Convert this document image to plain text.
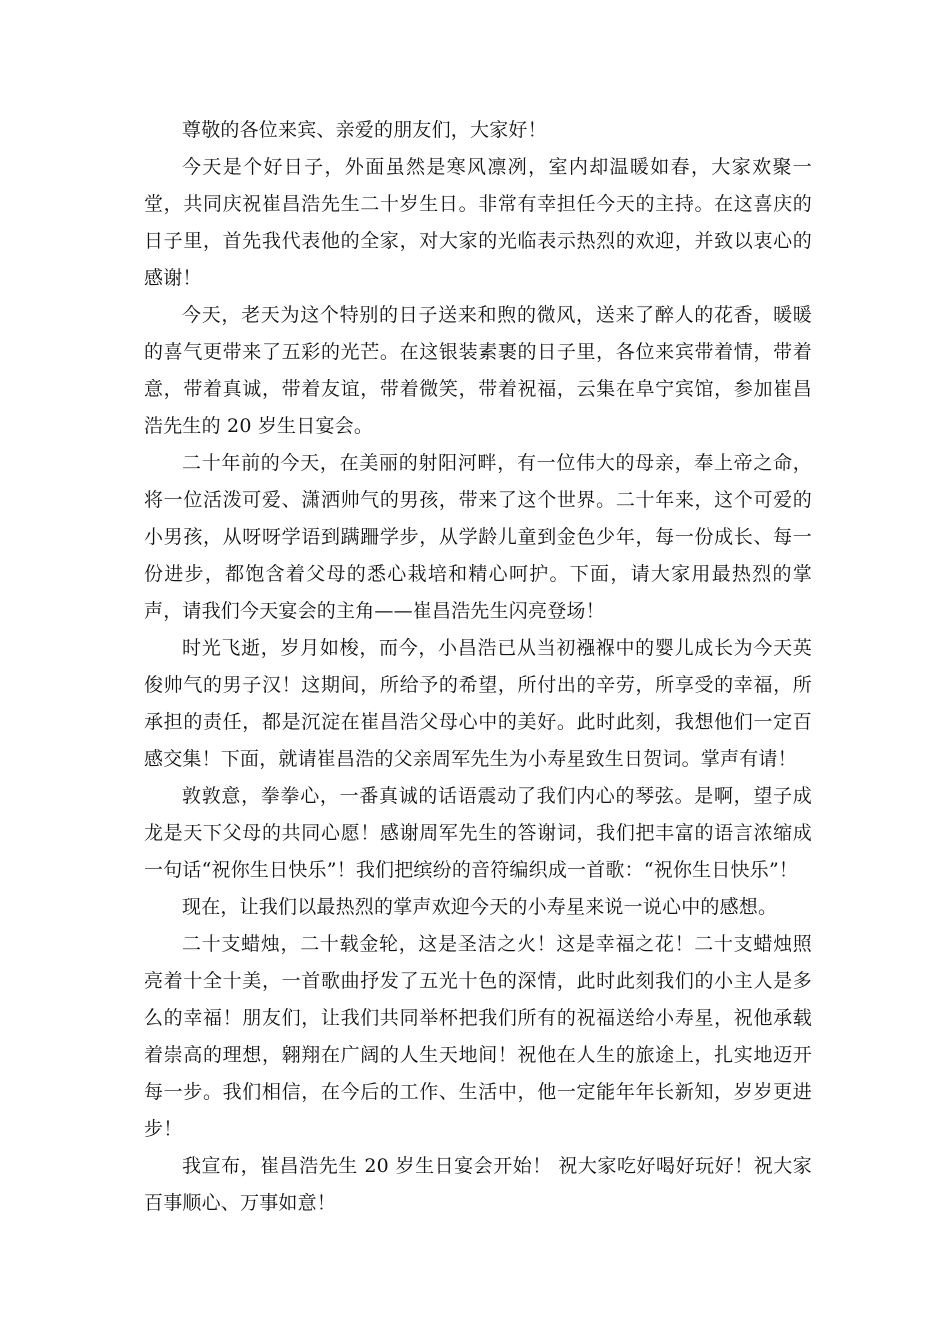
尊敬的各位来宾、亲爱的朋友们，大家好！

今天是个好日子，外面虽然是寒风凛冽，室内却温暖如春，大家欢聚一堂，共同庆祝崔昌浩先生二十岁生日。非常有幸担任今天的主持。在这喜庆的日子里，首先我代表他的全家，对大家的光临表示热烈的欢迎，并致以衷心的感谢！

今天，老天为这个特别的日子送来和煦的微风，送来了醉人的花香，暖暖的喜气更带来了五彩的光芒。在这银装素裹的日子里，各位来宾带着情，带着意，带着真诚，带着友谊，带着微笑，带着祝福，云集在阜宁宾馆，参加崔昌浩先生的 20 岁生日宴会。

二十年前的今天，在美丽的射阳河畔，有一位伟大的母亲，奉上帝之命，将一位活泼可爱、潇洒帅气的男孩，带来了这个世界。二十年来，这个可爱的小男孩，从呀呀学语到蹒跚学步，从学龄儿童到金色少年，每一份成长、每一份进步，都饱含着父母的悉心栽培和精心呵护。下面，请大家用最热烈的掌声，请我们今天宴会的主角——崔昌浩先生闪亮登场！

时光飞逝，岁月如梭，而今，小昌浩已从当初襁褓中的婴儿成长为今天英俊帅气的男子汉！这期间，所给予的希望，所付出的辛劳，所享受的幸福，所承担的责任，都是沉淀在崔昌浩父母心中的美好。此时此刻，我想他们一定百感交集！下面，就请崔昌浩的父亲周军先生为小寿星致生日贺词。掌声有请！

敦敦意，拳拳心，一番真诚的话语震动了我们内心的琴弦。是啊，望子成龙是天下父母的共同心愿！感谢周军先生的答谢词，我们把丰富的语言浓缩成一句话“祝你生日快乐”！我们把缤纷的音符编织成一首歌：“祝你生日快乐”！

现在，让我们以最热烈的掌声欢迎今天的小寿星来说一说心中的感想。

二十支蜡烛，二十载金轮，这是圣洁之火！这是幸福之花！二十支蜡烛照亮着十全十美，一首歌曲抒发了五光十色的深情，此时此刻我们的小主人是多么的幸福！朋友们，让我们共同举杯把我们所有的祝福送给小寿星，祝他承载着崇高的理想，翱翔在广阔的人生天地间！祝他在人生的旅途上，扎实地迈开每一步。我们相信，在今后的工作、生活中，他一定能年年长新知，岁岁更进步！

我宣布，崔昌浩先生 20 岁生日宴会开始！ 祝大家吃好喝好玩好！祝大家百事顺心、万事如意！
